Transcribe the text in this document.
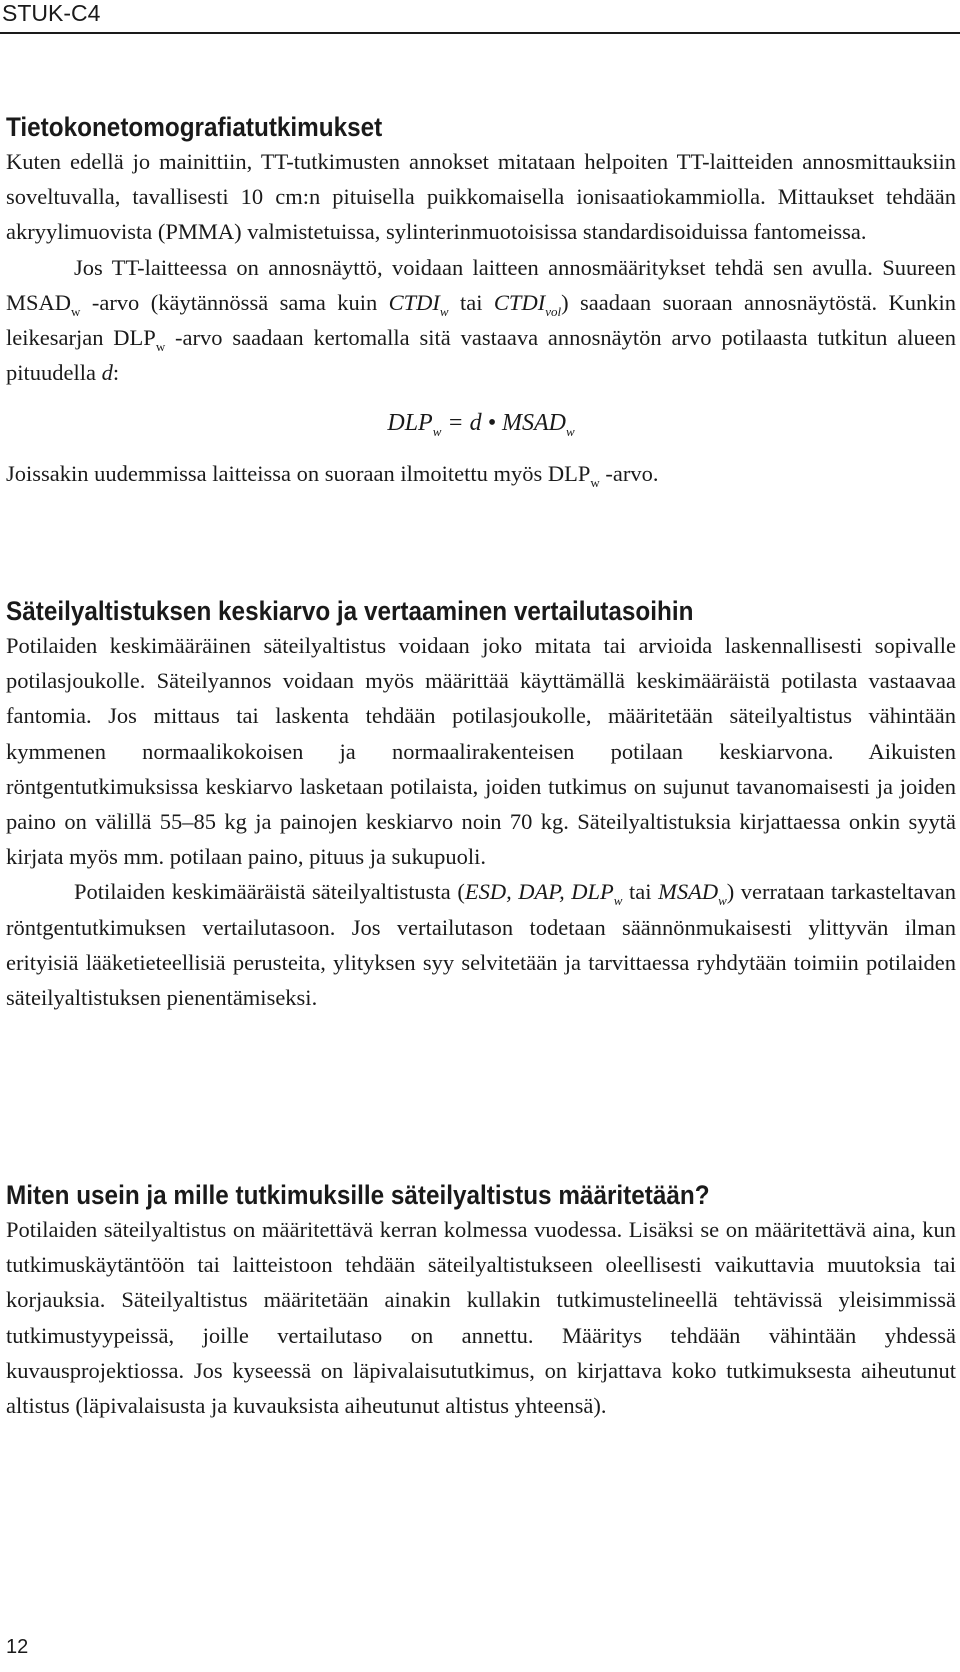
STUK-C4
Tietokonetomografiatutkimukset

Kuten edellä jo mainittiin, TT-tutkimusten annokset mitataan helpoiten TT-laitteiden annosmittauksiin soveltuvalla, tavallisesti 10 cm:n pituisella puikkomaisella ionisaatiokammiolla. Mittaukset tehdään akryylimuovista (PMMA) valmistetuissa, sylinterinmuotoisissa standardisoiduissa fantomeissa.

Jos TT-laitteessa on annosnäyttö, voidaan laitteen annosmääritykset tehdä sen avulla. Suureen $MSAD_w$ -arvo (käytännössä sama kuin $CTDI_w$ tai $CTDI_{vol}$) saadaan suoraan annosnäytöstä. Kunkin leikesarjan $DLP_w$ -arvo saadaan kertomalla sitä vastaava annosnäytön arvo potilaasta tutkitun alueen pituudella d:

$DLP_w = d$ • $MSAD_w$

Joissakin uudemmissa laitteissa on suoraan ilmoitettu myös $DLP_w$ -arvo.

Säteilyaltistuksen keskiarvo ja vertaaminen vertailutasoihin

Potilaiden keskimääräinen säteilyaltistus voidaan joko mitata tai arvioida laskennallisesti sopivalle potilasjoukolle. Säteilyannos voidaan myös määrittää käyttämällä keskimääräistä potilasta vastaavaa fantomia. Jos mittaus tai laskenta tehdään potilasjoukolle, määritetään säteilyaltistus vähintään kymmenen normaalikokoisen ja normaalirakenteisen potilaan keskiarvona. Aikuisten röntgentutkimuksissa keskiarvo lasketaan potilaista, joiden tutkimus on sujunut tavanomaisesti ja joiden paino on välillä 55–85 kg ja painojen keskiarvo noin 70 kg. Säteilyaltistuksia kirjattaessa onkin syytä kirjata myös mm. potilaan paino, pituus ja sukupuoli.

Potilaiden keskimääräistä säteilyaltistusta (ESD, DAP, $DLP_w$ tai $MSAD_w$) verrataan tarkasteltavan röntgentutkimuksen vertailutasoon. Jos vertailutason todetaan säännönmukaisesti ylittyvän ilman erityisiä lääketieteellisiä perusteita, ylityksen syy selvitetään ja tarvittaessa ryhdytään toimiin potilaiden säteilyaltistuksen pienentämiseksi.

Miten usein ja mille tutkimuksille säteilyaltistus määritetään?

Potilaiden säteilyaltistus on määritettävä kerran kolmessa vuodessa. Lisäksi se on määritettävä aina, kun tutkimuskäytäntöön tai laitteistoon tehdään säteilyaltistukseen oleellisesti vaikuttavia muutoksia tai korjauksia. Säteilyaltistus määritetään ainakin kullakin tutkimustelineellä tehtävissä yleisimmissä tutkimustyypeissä, joille vertailutaso on annettu. Määritys tehdään vähintään yhdessä kuvausprojektiossa. Jos kyseessä on läpivalaisututkimus, on kirjattava koko tutkimuksesta aiheutunut altistus (läpivalaisusta ja kuvauksista aiheutunut altistus yhteensä).

12
